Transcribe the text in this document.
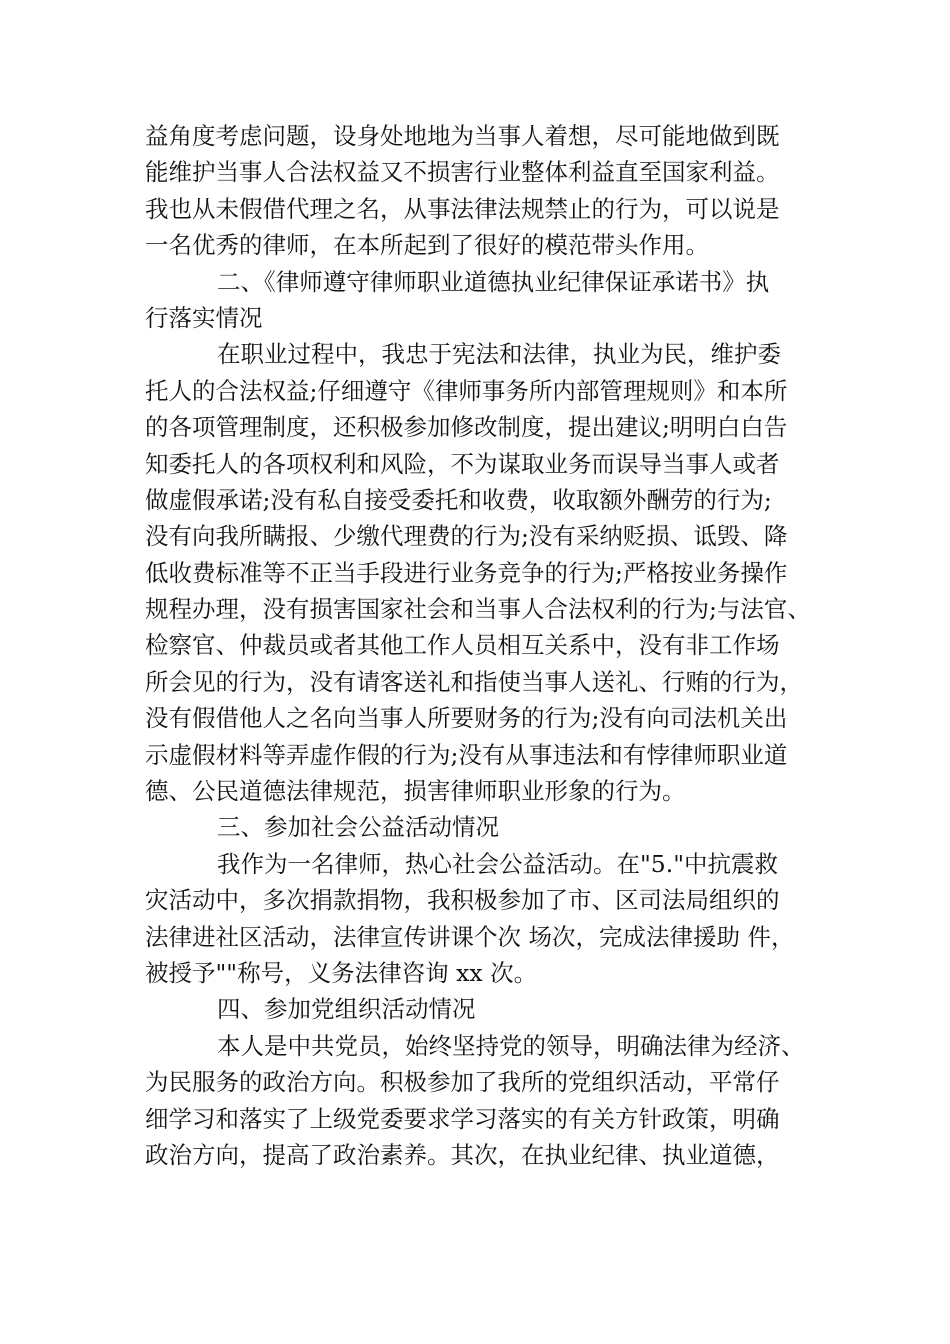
益角度考虑问题，设身处地地为当事人着想，尽可能地做到既
能维护当事人合法权益又不损害行业整体利益直至国家利益。
我也从未假借代理之名，从事法律法规禁止的行为，可以说是
一名优秀的律师，在本所起到了很好的模范带头作用。
二、《律师遵守律师职业道德执业纪律保证承诺书》执
行落实情况
在职业过程中，我忠于宪法和法律，执业为民，维护委
托人的合法权益;仔细遵守《律师事务所内部管理规则》和本所
的各项管理制度，还积极参加修改制度，提出建议;明明白白告
知委托人的各项权利和风险，不为谋取业务而误导当事人或者
做虚假承诺;没有私自接受委托和收费，收取额外酬劳的行为;
没有向我所瞒报、少缴代理费的行为;没有采纳贬损、诋毁、降
低收费标准等不正当手段进行业务竞争的行为;严格按业务操作
规程办理，没有损害国家社会和当事人合法权利的行为;与法官、
检察官、仲裁员或者其他工作人员相互关系中，没有非工作场
所会见的行为，没有请客送礼和指使当事人送礼、行贿的行为，
没有假借他人之名向当事人所要财务的行为;没有向司法机关出
示虚假材料等弄虚作假的行为;没有从事违法和有悖律师职业道
德、公民道德法律规范，损害律师职业形象的行为。
三、参加社会公益活动情况
我作为一名律师，热心社会公益活动。在"5."中抗震救
灾活动中，多次捐款捐物，我积极参加了市、区司法局组织的
法律进社区活动，法律宣传讲课个次 场次，完成法律援助 件，
被授予""称号，义务法律咨询 xx 次。
四、参加党组织活动情况
本人是中共党员，始终坚持党的领导，明确法律为经济、
为民服务的政治方向。积极参加了我所的党组织活动，平常仔
细学习和落实了上级党委要求学习落实的有关方针政策，明确
政治方向，提高了政治素养。其次，在执业纪律、执业道德，
